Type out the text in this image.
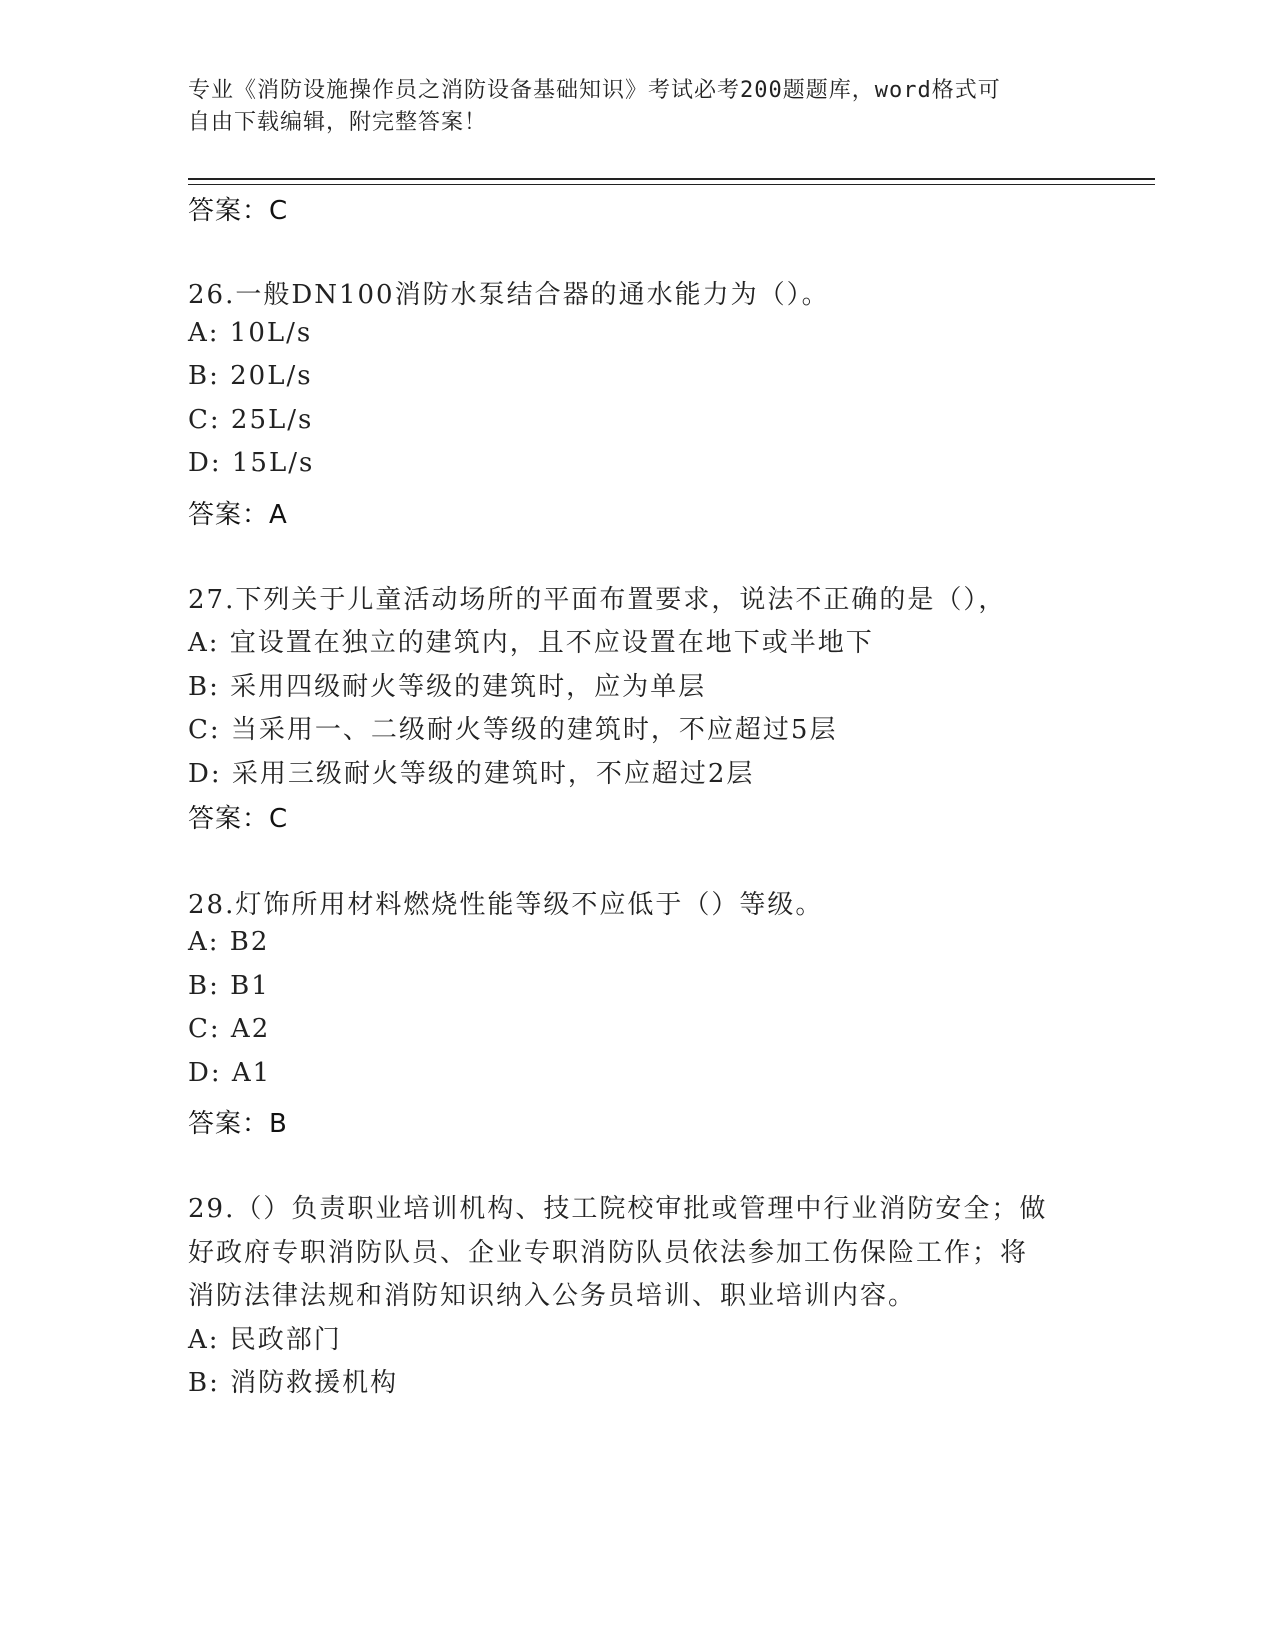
专业《消防设施操作员之消防设备基础知识》考试必考200题题库，word格式可
自由下载编辑，附完整答案！
答案：C
26.一般DN100消防水泵结合器的通水能力为（）。
A: 10L/s
B: 20L/s
C: 25L/s
D: 15L/s
答案：A
27.下列关于儿童活动场所的平面布置要求，说法不正确的是（），
A: 宜设置在独立的建筑内，且不应设置在地下或半地下
B: 采用四级耐火等级的建筑时，应为单层
C: 当采用一、二级耐火等级的建筑时，不应超过5层
D: 采用三级耐火等级的建筑时，不应超过2层
答案：C
28.灯饰所用材料燃烧性能等级不应低于（）等级。
A: B2
B: B1
C: A2
D: A1
答案：B
29.（）负责职业培训机构、技工院校审批或管理中行业消防安全；做
好政府专职消防队员、企业专职消防队员依法参加工伤保险工作；将
消防法律法规和消防知识纳入公务员培训、职业培训内容。
A: 民政部门
B: 消防救援机构
